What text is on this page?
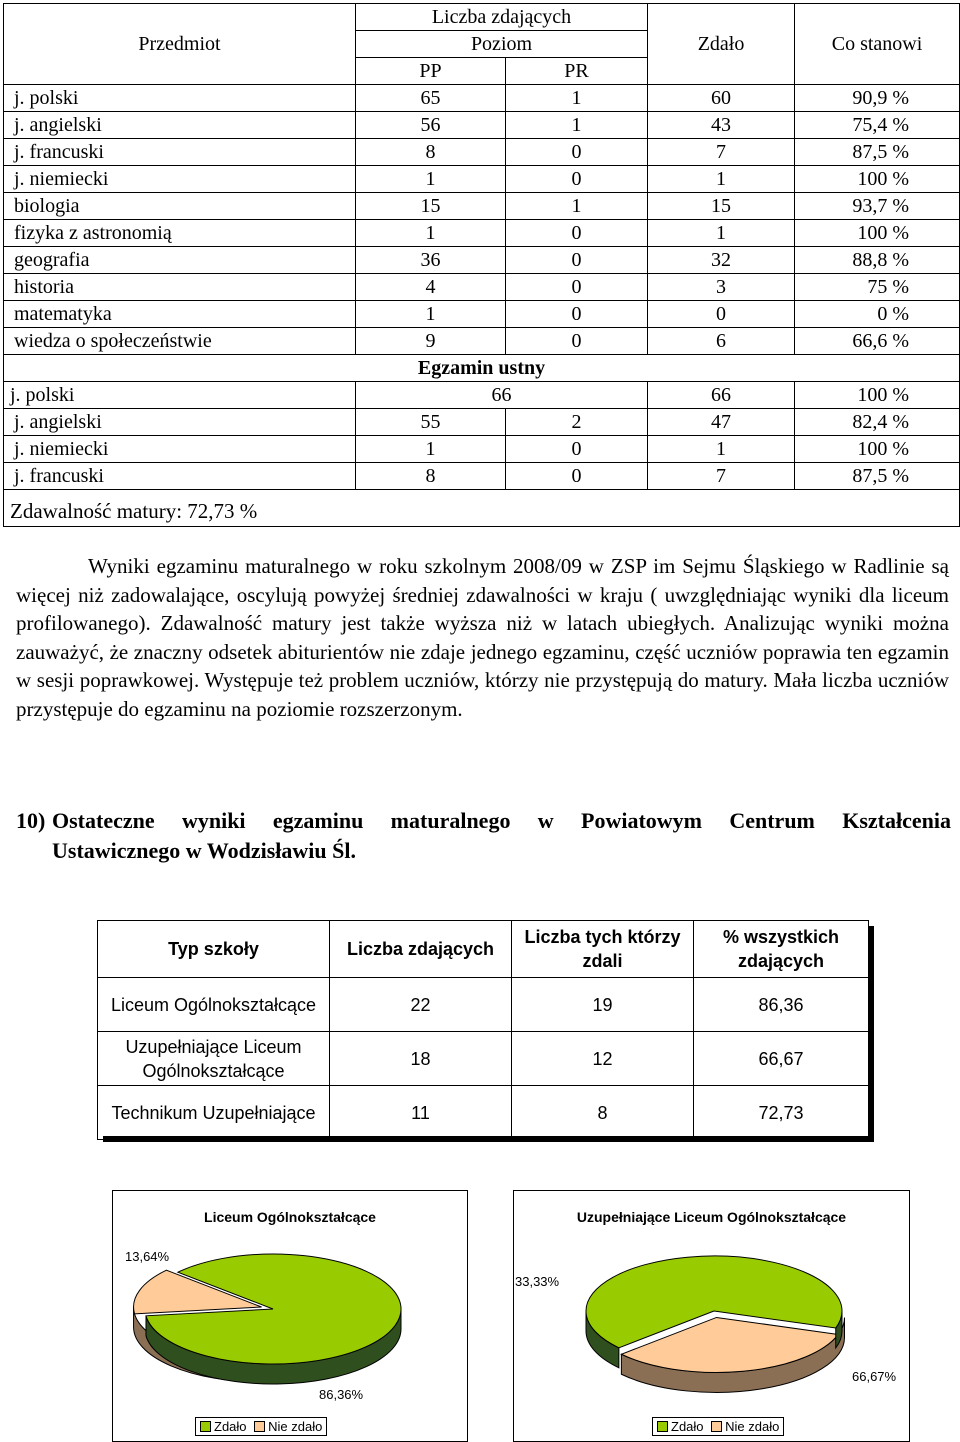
Przedmiot	Liczba zdających		Zdało	Co stanowi
	Poziom			
	PP	PR		
j. polski	65	1	60	90,9 %
j. angielski	56	1	43	75,4 %
j. francuski	8	0	7	87,5 %
j. niemiecki	1	0	1	100 %
biologia	15	1	15	93,7 %
fizyka z astronomią	1	0	1	100 %
geografia	36	0	32	88,8 %
historia	4	0	3	75 %
matematyka	1	0	0	0 %
wiedza o społeczeństwie	9	0	6	66,6 %
Egzamin ustny				
j. polski	66		66	100 %
j. angielski	55	2	47	82,4 %
j. niemiecki	1	0	1	100 %
j. francuski	8	0	7	87,5 %
Zdawalność matury: 72,73 %				

Wyniki egzaminu maturalnego w roku szkolnym 2008/09 w ZSP im Sejmu Śląskiego w Radlinie są więcej niż zadowalające, oscylują powyżej średniej zdawalności w kraju ( uwzględniając wyniki dla liceum profilowanego). Zdawalność matury jest także wyższa niż w latach ubiegłych. Analizując wyniki można zauważyć, że znaczny odsetek abiturientów nie zdaje jednego egzaminu, część uczniów poprawia ten egzamin w sesji poprawkowej. Występuje też problem uczniów, którzy nie przystępują do matury. Mała liczba uczniów przystępuje do egzaminu na poziomie rozszerzonym.

10) Ostateczne wyniki egzaminu maturalnego w Powiatowym Centrum Kształcenia
Ustawicznego w Wodzisławiu Śl.
Typ szkoły	Liczba zdających	Liczba tych którzy zdali	% wszystkich zdających
Liceum Ogólnokształcące	22	19	86,36
Uzupełniające Liceum Ogólnokształcące	18	12	66,67
Technikum Uzupełniające	11	8	72,73
Liceum Ogólnokształcące
13,64%
86,36%
Zdało Nie zdało
Uzupełniające Liceum Ogólnokształcące
33,33%
66,67%
Zdało Nie zdało
